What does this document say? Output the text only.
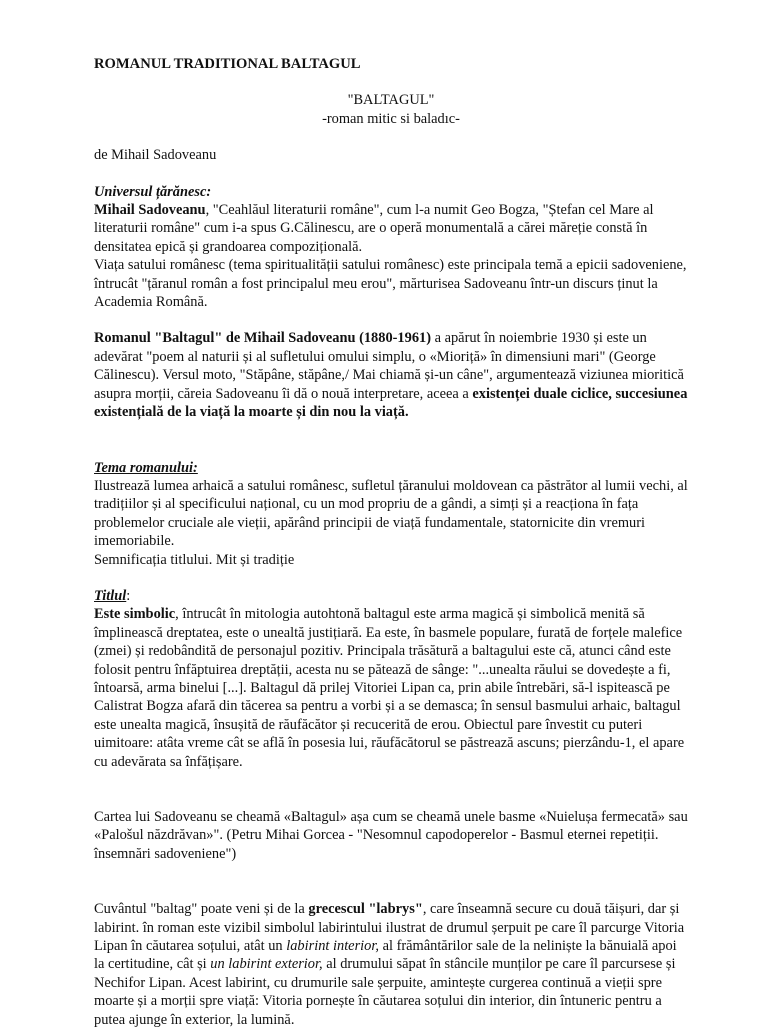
ROMANUL TRADITIONAL BALTAGUL

"BALTAGUL"

-roman mitic si baladıc-

de Mihail Sadoveanu

Universul țărănesc:

Mihail Sadoveanu, "Ceahlăul literaturii române", cum l-a numit Geo Bogza, "Ștefan cel Mare al literaturii române" cum i-a spus G.Călinescu, are o operă monumentală a cărei măreție constă în densitatea epică și grandoarea compozițională.

Viața satului românesc (tema spiritualității satului românesc) este principala temă a epicii sadoveniene, întrucât "țăranul român a fost principalul meu erou", mărturisea Sadoveanu într-un discurs ținut la Academia Română.

Romanul "Baltagul" de Mihail Sadoveanu (1880-1961) a apărut în noiembrie 1930 și este un adevărat "poem al naturii și al sufletului omului simplu, o «Mioriță» în dimensiuni mari" (George Călinescu). Versul moto, "Stăpâne, stăpâne,/ Mai chiamă și-un câne", argumentează viziunea mioritică asupra morții, căreia Sadoveanu îi dă o nouă interpretare, aceea a existenței duale ciclice, succesiunea existențială de la viață la moarte și din nou la viață.

Tema romanului:

Ilustrează lumea arhaică a satului românesc, sufletul țăranului moldovean ca păstrător al lumii vechi, al tradițiilor și al specificului național, cu un mod propriu de a gândi, a simți și a reacționa în fața problemelor cruciale ale vieții, apărând principii de viață fundamentale, statornicite din vremuri imemoriabile.

Semnificația titlului. Mit și tradiție

Titlul:

Este simbolic, întrucât în mitologia autohtonă baltagul este arma magică și simbolică menită să împlinească dreptatea, este o unealtă justițiară. Ea este, în basmele populare, furată de forțele malefice (zmei) și redobândită de personajul pozitiv. Principala trăsătură a baltagului este că, atunci când este folosit pentru înfăptuirea dreptății, acesta nu se pătează de sânge: "...unealta răului se dovedește a fi, întoarsă, arma binelui [...]. Baltagul dă prilej Vitoriei Lipan ca, prin abile întrebări, să-l ispitească pe Calistrat Bogza afară din tăcerea sa pentru a vorbi și a se demasca; în sensul basmului arhaic, baltagul este unealta magică, însușită de răufăcător și recucerită de erou. Obiectul pare învestit cu puteri uimitoare: atâta vreme cât se află în posesia lui, răufăcătorul se păstrează ascuns; pierzându-1, el apare cu adevărata sa înfățișare.

Cartea lui Sadoveanu se cheamă «Baltagul» așa cum se cheamă unele basme «Nuielușa fermecată» sau «Palošul năzdrăvan»". (Petru Mihai Gorcea - "Nesomnul capodoperelor - Basmul eternei repetiții. însemnări sadoveniene")

Cuvântul "baltag" poate veni și de la grecescul "labrys", care înseamnă secure cu două tăișuri, dar și labirint. în roman este vizibil simbolul labirintului ilustrat de drumul șerpuit pe care îl parcurge Vitoria Lipan în căutarea soțului, atât un labirint interior, al frământărilor sale de la neliniște la bănuială apoi la certitudine, cât și un labirint exterior, al drumului săpat în stâncile munților pe care îl parcursese și Nechifor Lipan. Acest labirint, cu drumurile sale șerpuite, amintește curgerea continuă a vieții spre moarte și a morții spre viață: Vitoria pornește în căutarea soțului din interior, din întuneric pentru a putea ajunge în exterior, la lumină.
